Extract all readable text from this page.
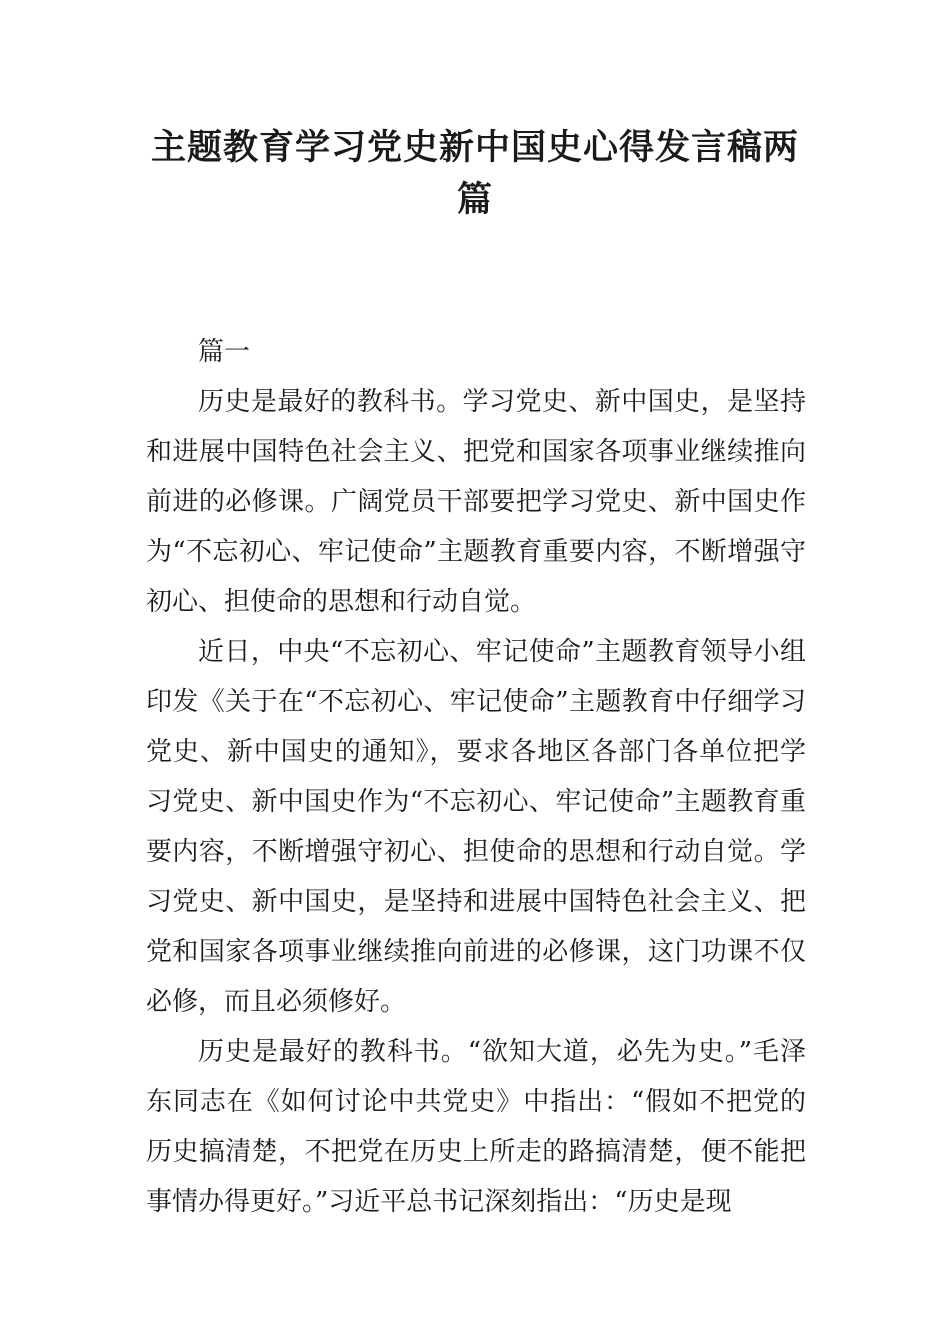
主题教育学习党史新中国史心得发言稿两篇

篇一

历史是最好的教科书。学习党史、新中国史，是坚持和进展中国特色社会主义、把党和国家各项事业继续推向前进的必修课。广阔党员干部要把学习党史、新中国史作为“不忘初心、牢记使命”主题教育重要内容，不断增强守初心、担使命的思想和行动自觉。

近日，中央“不忘初心、牢记使命”主题教育领导小组印发《关于在“不忘初心、牢记使命”主题教育中仔细学习党史、新中国史的通知》，要求各地区各部门各单位把学习党史、新中国史作为“不忘初心、牢记使命”主题教育重要内容，不断增强守初心、担使命的思想和行动自觉。学习党史、新中国史，是坚持和进展中国特色社会主义、把党和国家各项事业继续推向前进的必修课，这门功课不仅必修，而且必须修好。

历史是最好的教科书。“欲知大道，必先为史。”毛泽东同志在《如何讨论中共党史》中指出：“假如不把党的历史搞清楚，不把党在历史上所走的路搞清楚，便不能把事情办得更好。”习近平总书记深刻指出：“历史是现
